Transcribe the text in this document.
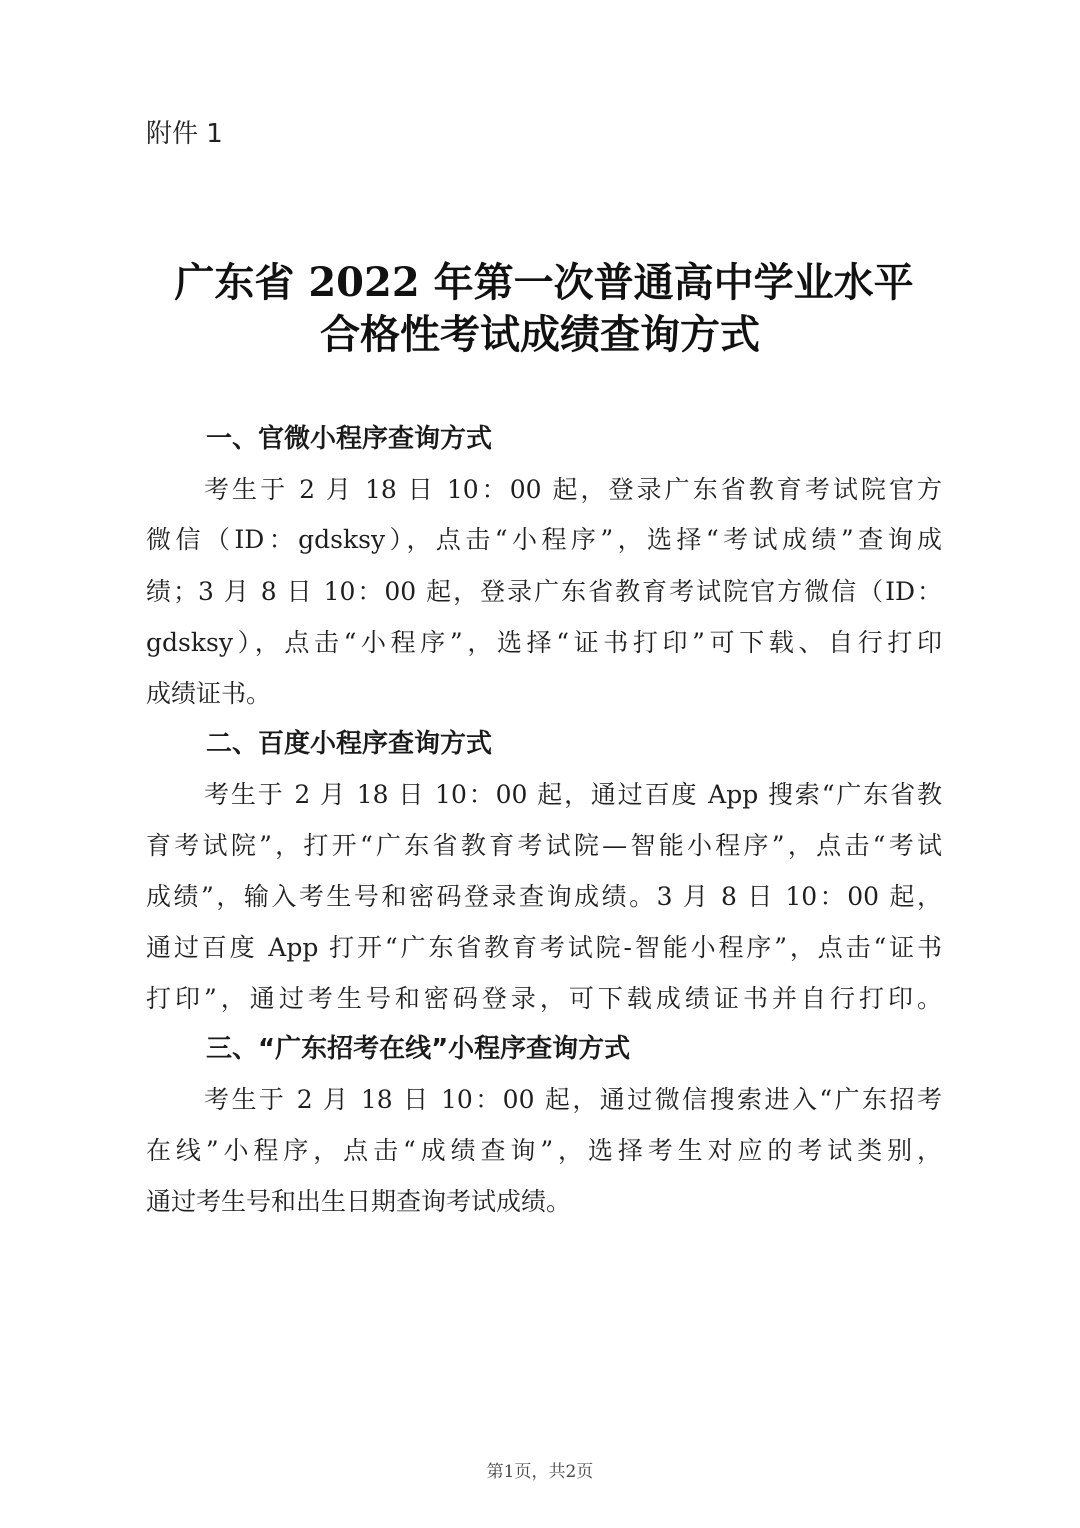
附件 1
广东省 2022 年第一次普通高中学业水平
合格性考试成绩查询方式
一、官微小程序查询方式
考生于 2 月 18 日 10：00 起，登录广东省教育考试院官方
微信（ID：gdsksy），点击“小程序”，选择“考试成绩”查询成
绩；3 月 8 日 10：00 起，登录广东省教育考试院官方微信（ID：
gdsksy），点击“小程序”，选择“证书打印”可下载、自行打印
成绩证书。
二、百度小程序查询方式
考生于 2 月 18 日 10：00 起，通过百度 App 搜索“广东省教
育考试院”，打开“广东省教育考试院—智能小程序”，点击“考试
成绩”，输入考生号和密码登录查询成绩。3 月 8 日 10：00 起，
通过百度 App 打开“广东省教育考试院-智能小程序”，点击“证书
打印”，通过考生号和密码登录，可下载成绩证书并自行打印。
三、“广东招考在线”小程序查询方式
考生于 2 月 18 日 10：00 起，通过微信搜索进入“广东招考
在线”小程序，点击“成绩查询”，选择考生对应的考试类别，
通过考生号和出生日期查询考试成绩。
第1页，共2页
